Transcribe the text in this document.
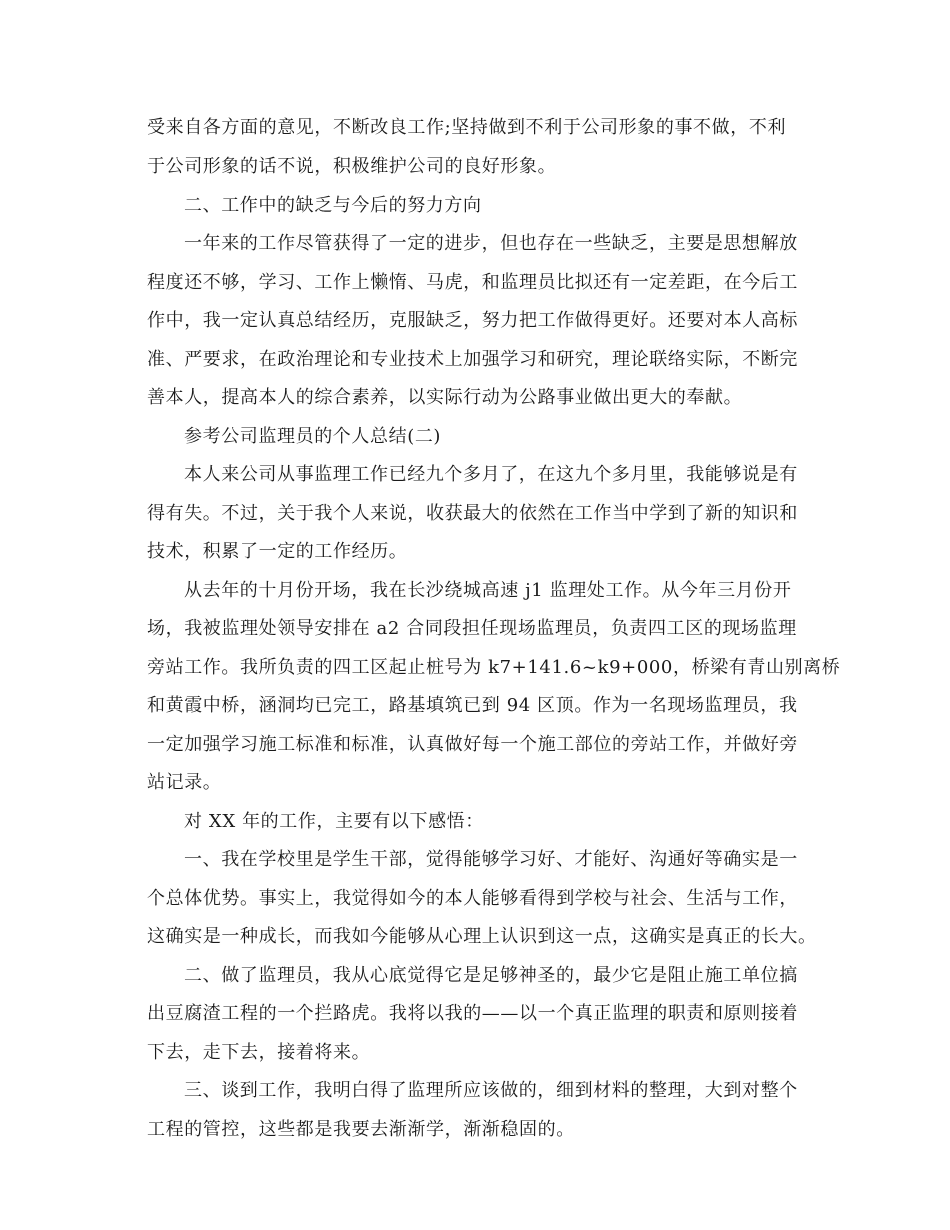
受来自各方面的意见，不断改良工作;坚持做到不利于公司形象的事不做，不利
于公司形象的话不说，积极维护公司的良好形象。
二、工作中的缺乏与今后的努力方向
一年来的工作尽管获得了一定的进步，但也存在一些缺乏，主要是思想解放
程度还不够，学习、工作上懒惰、马虎，和监理员比拟还有一定差距，在今后工
作中，我一定认真总结经历，克服缺乏，努力把工作做得更好。还要对本人高标
准、严要求，在政治理论和专业技术上加强学习和研究，理论联络实际，不断完
善本人，提高本人的综合素养，以实际行动为公路事业做出更大的奉献。
参考公司监理员的个人总结(二)
本人来公司从事监理工作已经九个多月了，在这九个多月里，我能够说是有
得有失。不过，关于我个人来说，收获最大的依然在工作当中学到了新的知识和
技术，积累了一定的工作经历。
从去年的十月份开场，我在长沙绕城高速 j1 监理处工作。从今年三月份开
场，我被监理处领导安排在 a2 合同段担任现场监理员，负责四工区的现场监理
旁站工作。我所负责的四工区起止桩号为 k7+141.6~k9+000，桥梁有青山别离桥
和黄霞中桥，涵洞均已完工，路基填筑已到 94 区顶。作为一名现场监理员，我
一定加强学习施工标准和标准，认真做好每一个施工部位的旁站工作，并做好旁
站记录。
对 XX 年的工作，主要有以下感悟：
一、我在学校里是学生干部，觉得能够学习好、才能好、沟通好等确实是一
个总体优势。事实上，我觉得如今的本人能够看得到学校与社会、生活与工作，
这确实是一种成长，而我如今能够从心理上认识到这一点，这确实是真正的长大。
二、做了监理员，我从心底觉得它是足够神圣的，最少它是阻止施工单位搞
出豆腐渣工程的一个拦路虎。我将以我的——以一个真正监理的职责和原则接着
下去，走下去，接着将来。
三、谈到工作，我明白得了监理所应该做的，细到材料的整理，大到对整个
工程的管控，这些都是我要去渐渐学，渐渐稳固的。
